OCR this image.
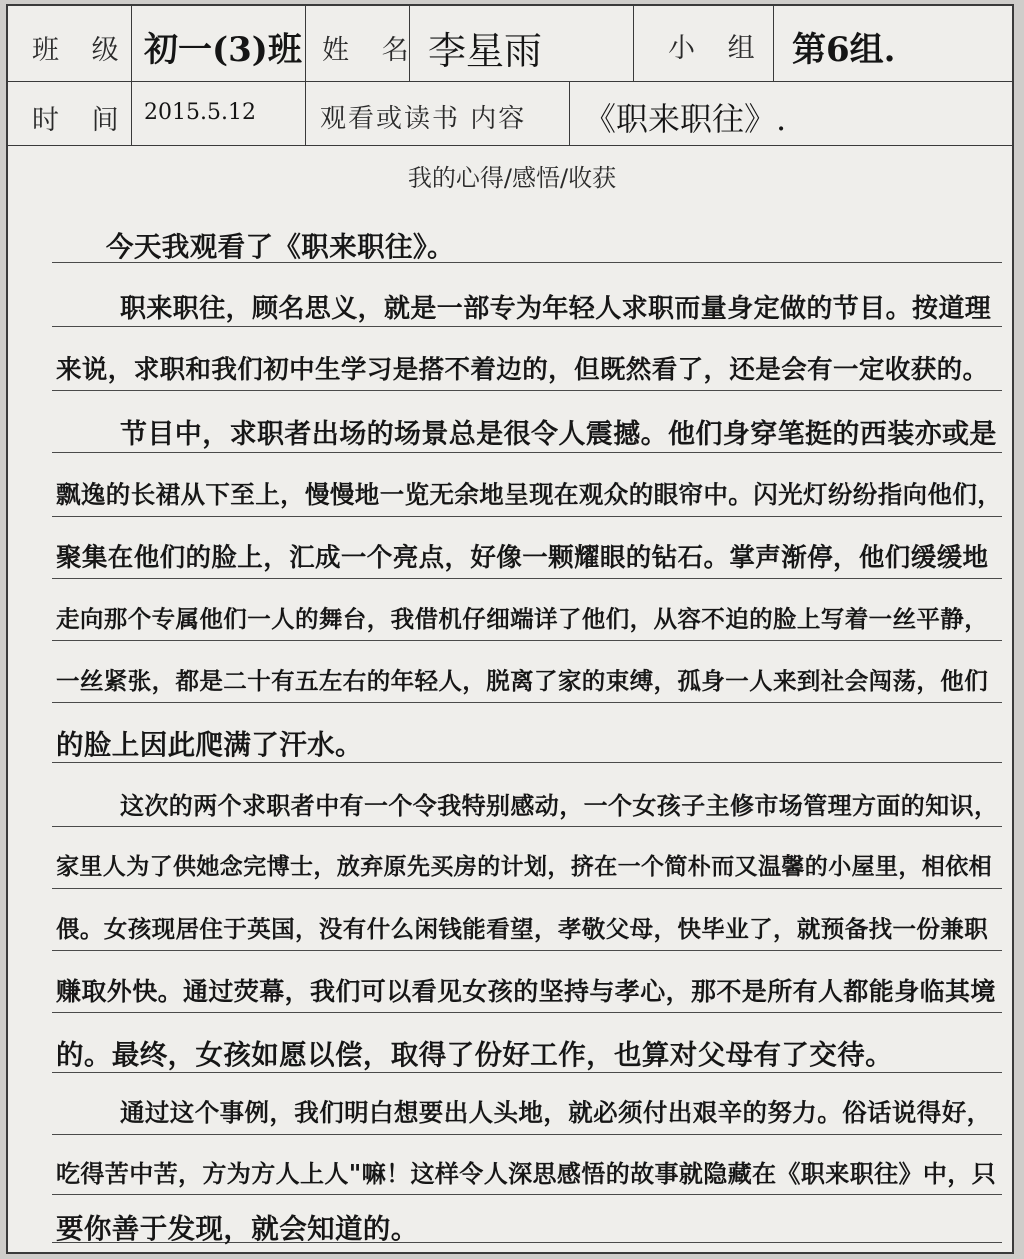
班 级 初一(3)班 姓 名 李星雨	小 组 第6组.
时 间 2015.5.12 观看或读书 内容 《职来职往》.
我的心得/感悟/收获
今天我观看了《职来职往》。
职来职往，顾名思义，就是一部专为年轻人求职而量身定做的节目。按道理
来说，求职和我们初中生学习是搭不着边的，但既然看了，还是会有一定收获的。
节目中，求职者出场的场景总是很令人震撼。他们身穿笔挺的西装亦或是
飘逸的长裙从下至上，慢慢地一览无余地呈现在观众的眼帘中。闪光灯纷纷指向他们，
聚集在他们的脸上，汇成一个亮点，好像一颗耀眼的钻石。掌声渐停，他们缓缓地
走向那个专属他们一人的舞台，我借机仔细端详了他们，从容不迫的脸上写着一丝平静，
一丝紧张，都是二十有五左右的年轻人，脱离了家的束缚，孤身一人来到社会闯荡，他们
的脸上因此爬满了汗水。
这次的两个求职者中有一个令我特别感动，一个女孩子主修市场管理方面的知识，
家里人为了供她念完博士，放弃原先买房的计划，挤在一个简朴而又温馨的小屋里，相依相
偎。女孩现居住于英国，没有什么闲钱能看望，孝敬父母，快毕业了，就预备找一份兼职
赚取外快。通过荧幕，我们可以看见女孩的坚持与孝心，那不是所有人都能身临其境
的。最终，女孩如愿以偿，取得了份好工作，也算对父母有了交待。
通过这个事例，我们明白想要出人头地，就必须付出艰辛的努力。俗话说得好，
吃得苦中苦，方为方人上人"嘛！这样令人深思感悟的故事就隐藏在《职来职往》中，只
要你善于发现，就会知道的。
